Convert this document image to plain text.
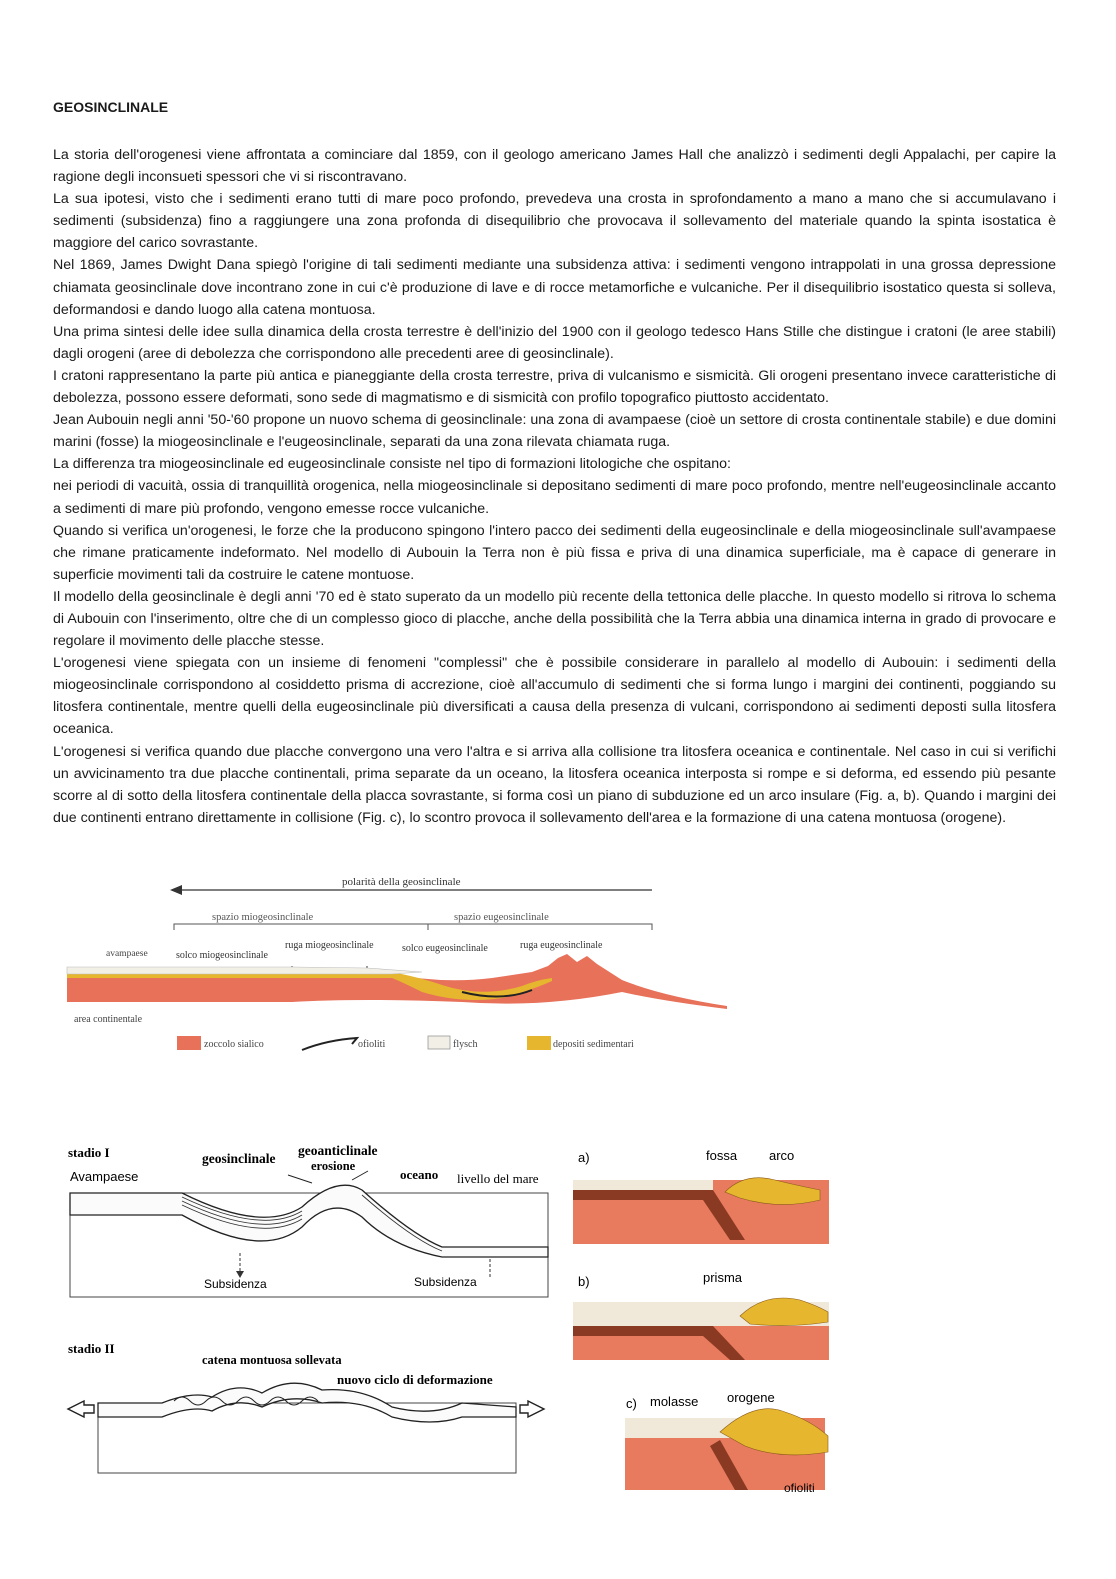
GEOSINCLINALE

La storia dell'orogenesi viene affrontata a cominciare dal 1859, con il geologo americano James Hall che analizzò i sedimenti degli Appalachi, per capire la ragione degli inconsueti spessori che vi si riscontravano.

La sua ipotesi, visto che i sedimenti erano tutti di mare poco profondo, prevedeva una crosta in sprofondamento a mano a mano che si accumulavano i sedimenti (subsidenza) fino a raggiungere una zona profonda di disequilibrio che provocava il sollevamento del materiale quando la spinta isostatica è maggiore del carico sovrastante.

Nel 1869, James Dwight Dana spiegò l'origine di tali sedimenti mediante una subsidenza attiva: i sedimenti vengono intrappolati in una grossa depressione chiamata geosinclinale dove incontrano zone in cui c'è produzione di lave e di rocce metamorfiche e vulcaniche. Per il disequilibrio isostatico questa si solleva, deformandosi e dando luogo alla catena montuosa.

Una prima sintesi delle idee sulla dinamica della crosta terrestre è dell'inizio del 1900 con il geologo tedesco Hans Stille che distingue i cratoni (le aree stabili) dagli orogeni (aree di debolezza che corrispondono alle precedenti aree di geosinclinale).

I cratoni rappresentano la parte più antica e pianeggiante della crosta terrestre, priva di vulcanismo e sismicità. Gli orogeni presentano invece caratteristiche di debolezza, possono essere deformati, sono sede di magmatismo e di sismicità con profilo topografico piuttosto accidentato.

Jean Aubouin negli anni '50-'60 propone un nuovo schema di geosinclinale: una zona di avampaese (cioè un settore di crosta continentale stabile) e due domini marini (fosse) la miogeosinclinale e l'eugeosinclinale, separati da una zona rilevata chiamata ruga.

La differenza tra miogeosinclinale ed eugeosinclinale consiste nel tipo di formazioni litologiche che ospitano:

nei periodi di vacuità, ossia di tranquillità orogenica, nella miogeosinclinale si depositano sedimenti di mare poco profondo, mentre nell'eugeosinclinale accanto a sedimenti di mare più profondo, vengono emesse rocce vulcaniche.

Quando si verifica un'orogenesi, le forze che la producono spingono l'intero pacco dei sedimenti della eugeosinclinale e della miogeosinclinale sull'avampaese che rimane praticamente indeformato. Nel modello di Aubouin la Terra non è più fissa e priva di una dinamica superficiale, ma è capace di generare in superficie movimenti tali da costruire le catene montuose.

Il modello della geosinclinale è degli anni '70 ed è stato superato da un modello più recente della tettonica delle placche. In questo modello si ritrova lo schema di Aubouin con l'inserimento, oltre che di un complesso gioco di placche, anche della possibilità che la Terra abbia una dinamica interna in grado di provocare e regolare il movimento delle placche stesse.

L'orogenesi viene spiegata con un insieme di fenomeni "complessi" che è possibile considerare in parallelo al modello di Aubouin: i sedimenti della miogeosinclinale corrispondono al cosiddetto prisma di accrezione, cioè all'accumulo di sedimenti che si forma lungo i margini dei continenti, poggiando su litosfera continentale, mentre quelli della eugeosinclinale più diversificati a causa della presenza di vulcani, corrispondono ai sedimenti deposti sulla litosfera oceanica.

L'orogenesi si verifica quando due placche convergono una vero l'altra e si arriva alla collisione tra litosfera oceanica e continentale. Nel caso in cui si verifichi un avvicinamento tra due placche continentali, prima separate da un oceano, la litosfera oceanica interposta si rompe e si deforma, ed essendo più pesante scorre al di sotto della litosfera continentale della placca sovrastante, si forma così un piano di subduzione ed un arco insulare (Fig. a, b). Quando i margini dei due continenti entrano direttamente in collisione (Fig. c), lo scontro provoca il sollevamento dell'area e la formazione di una catena montuosa (orogene).

polarità della geosinclinale
spazio miogeosinclinale	spazio eugeosinclinale
avampaese	solco miogeosinclinale
ruga miogeosinclinale	solco eugeosinclinale	ruga eugeosinclinale
area continentale
zoccolo sialico	ofioliti	flysch	depositi sedimentari
stadio I
Avampaese
geosinclinale
geoanticlinale
erosione
oceano livello del mare
Subsidenza	Subsidenza
stadio II
catena montuosa sollevata
nuovo ciclo di deformazione
a)	fossa arco
b)	prisma
c) molasse orogene
ofioliti
